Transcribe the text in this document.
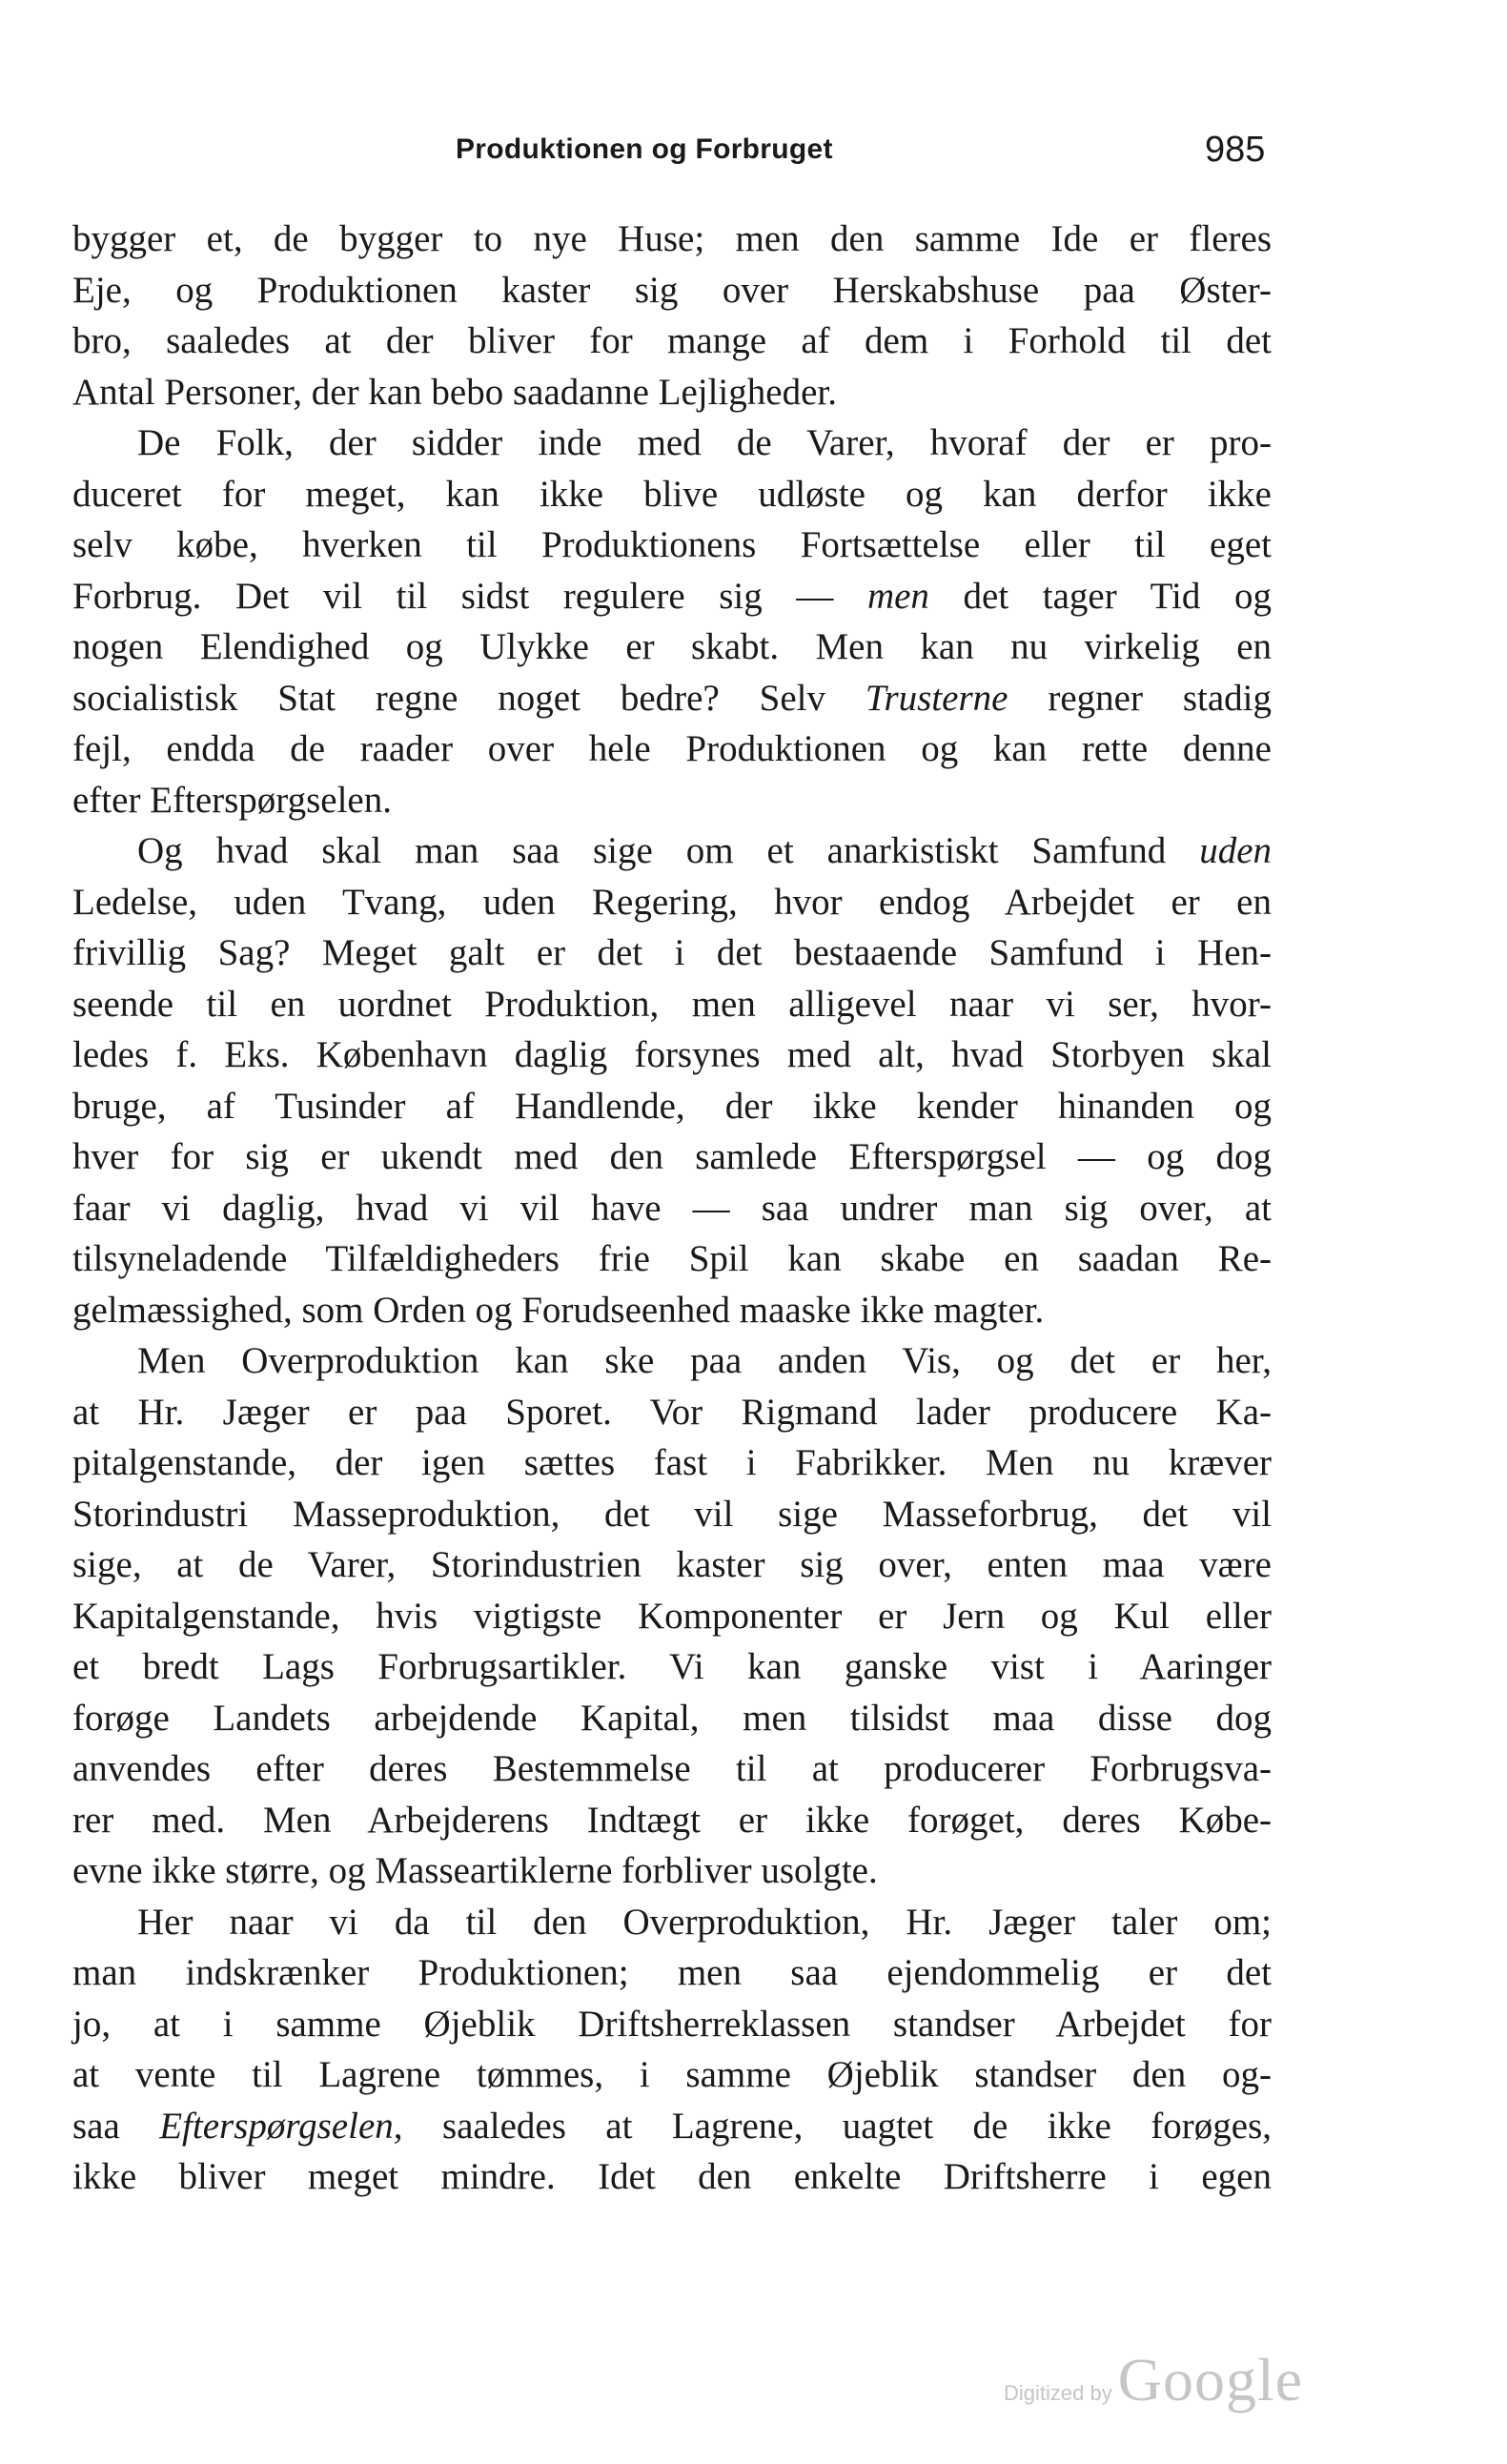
Produktionen og Forbruget	985
bygger et, de bygger to nye Huse; men den samme Ide er fleres
Eje, og Produktionen kaster sig over Herskabshuse paa Øster-
bro, saaledes at der bliver for mange af dem i Forhold til det
Antal Personer, der kan bebo saadanne Lejligheder.
De Folk, der sidder inde med de Varer, hvoraf der er pro-
duceret for meget, kan ikke blive udløste og kan derfor ikke
selv købe, hverken til Produktionens Fortsættelse eller til eget
Forbrug. Det vil til sidst regulere sig — men det tager Tid og
nogen Elendighed og Ulykke er skabt. Men kan nu virkelig en
socialistisk Stat regne noget bedre? Selv Trusterne regner stadig
fejl, endda de raader over hele Produktionen og kan rette denne
efter Efterspørgselen.
Og hvad skal man saa sige om et anarkistiskt Samfund uden
Ledelse, uden Tvang, uden Regering, hvor endog Arbejdet er en
frivillig Sag? Meget galt er det i det bestaaende Samfund i Hen-
seende til en uordnet Produktion, men alligevel naar vi ser, hvor-
ledes f. Eks. København daglig forsynes med alt, hvad Storbyen skal
bruge, af Tusinder af Handlende, der ikke kender hinanden og
hver for sig er ukendt med den samlede Efterspørgsel — og dog
faar vi daglig, hvad vi vil have — saa undrer man sig over, at
tilsyneladende Tilfældigheders frie Spil kan skabe en saadan Re-
gelmæssighed, som Orden og Forudseenhed maaske ikke magter.
Men Overproduktion kan ske paa anden Vis, og det er her,
at Hr. Jæger er paa Sporet. Vor Rigmand lader producere Ka-
pitalgenstande, der igen sættes fast i Fabrikker. Men nu kræver
Storindustri Masseproduktion, det vil sige Masseforbrug, det vil
sige, at de Varer, Storindustrien kaster sig over, enten maa være
Kapitalgenstande, hvis vigtigste Komponenter er Jern og Kul eller
et bredt Lags Forbrugsartikler. Vi kan ganske vist i Aaringer
forøge Landets arbejdende Kapital, men tilsidst maa disse dog
anvendes efter deres Bestemmelse til at producerer Forbrugsva-
rer med. Men Arbejderens Indtægt er ikke forøget, deres Købe-
evne ikke større, og Masseartiklerne forbliver usolgte.
Her naar vi da til den Overproduktion, Hr. Jæger taler om;
man indskrænker Produktionen; men saa ejendommelig er det
jo, at i samme Øjeblik Driftsherreklassen standser Arbejdet for
at vente til Lagrene tømmes, i samme Øjeblik standser den og-
saa Efterspørgselen, saaledes at Lagrene, uagtet de ikke forøges,
ikke bliver meget mindre. Idet den enkelte Driftsherre i egen
Digitized by Google
